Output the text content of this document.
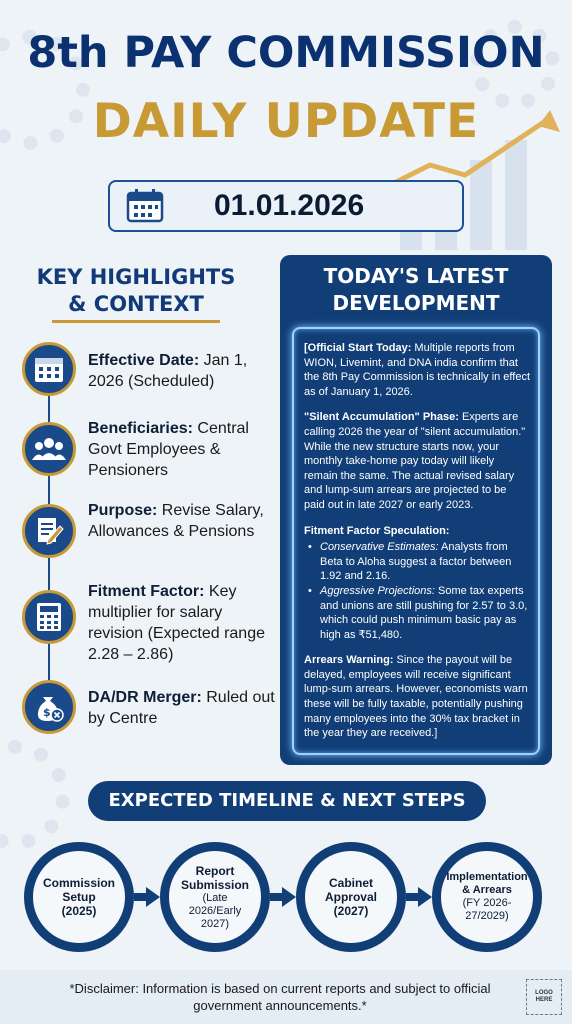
8th PAY COMMISSION
DAILY UPDATE
01.01.2026
KEY HIGHLIGHTS
& CONTEXT
Effective Date: Jan 1, 2026 (Scheduled)
Beneficiaries: Central Govt Employees & Pensioners
Purpose: Revise Salary, Allowances & Pensions
Fitment Factor: Key multiplier for salary revision (Expected range 2.28 – 2.86)
$
DA/DR Merger: Ruled out by Centre
TODAY'S LATEST
DEVELOPMENT

[Official Start Today: Multiple reports from WION, Livemint, and DNA india confirm that the 8th Pay Commission is technically in effect as of January 1, 2026.

"Silent Accumulation" Phase: Experts are calling 2026 the year of "silent accumulation." While the new structure starts now, your monthly take-home pay today will likely remain the same. The actual revised salary and lump-sum arrears are projected to be paid out in late 2027 or early 2023.

Fitment Factor Speculation:

• Conservative Estimates: Analysts from Beta to Aloha suggest a factor between 1.92 and 2.16.
• Aggressive Projections: Some tax experts and unions are still pushing for 2.57 to 3.0, which could push minimum basic pay as high as ₹51,480.

Arrears Warning: Since the payout will be delayed, employees will receive significant lump-sum arrears. However, economists warn these will be fully taxable, potentially pushing many employees into the 30% tax bracket in the year they are received.]

EXPECTED TIMELINE & NEXT STEPS
Commission Setup
(2025)
Report Submission
(Late 2026/Early 2027)
Cabinet Approval
(2027)
Implementation & Arrears
(FY 2026-27/2029)
*Disclaimer: Information is based on current reports and subject to official government announcements.*
LOGO HERE
